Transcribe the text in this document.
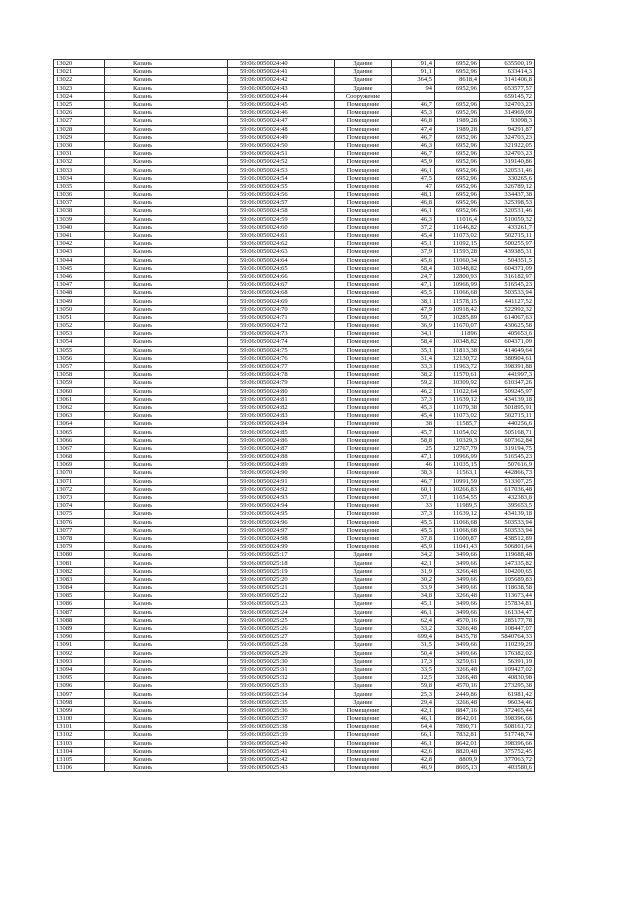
13020	Казань	59:06:0050024:40	Здание	91,4	6952,96	635500,19
13021	Казань	59:06:0050024:41	Здание	91,1	6952,96	633414,3
13022	Казань	59:06:0050024:42	Здание	364,5	8618,4	3141406,8
13023	Казань	59:06:0050024:43	Здание	94	6952,96	653577,57
13024	Казань	59:06:0050024:44	Сооружение			659145,72
13025	Казань	59:06:0050024:45	Помещение	46,7	6952,96	324703,23
13026	Казань	59:06:0050024:46	Помещение	45,3	6952,96	314969,09
13027	Казань	59:06:0050024:47	Помещение	46,8	1989,28	93098,3
13028	Казань	59:06:0050024:48	Помещение	47,4	1989,28	94291,87
13029	Казань	59:06:0050024:49	Помещение	46,7	6952,96	324703,23
13030	Казань	59:06:0050024:50	Помещение	46,3	6952,96	321922,05
13031	Казань	59:06:0050024:51	Помещение	46,7	6952,96	324703,23
13032	Казань	59:06:0050024:52	Помещение	45,9	6952,96	319140,86
13033	Казань	59:06:0050024:53	Помещение	46,1	6952,96	320531,46
13034	Казань	59:06:0050024:54	Помещение	47,5	6952,96	330265,6
13035	Казань	59:06:0050024:55	Помещение	47	6952,96	326789,12
13036	Казань	59:06:0050024:56	Помещение	48,1	6952,96	334437,38
13037	Казань	59:06:0050024:57	Помещение	46,8	6952,96	325398,53
13038	Казань	59:06:0050024:58	Помещение	46,1	6952,96	320531,46
13039	Казань	59:06:0050024:59	Помещение	46,3	11016,4	510059,32
13040	Казань	59:06:0050024:60	Помещение	37,2	11646,82	433261,7
13041	Казань	59:06:0050024:61	Помещение	45,4	11073,02	502715,11
13042	Казань	59:06:0050024:62	Помещение	45,1	11092,15	500255,97
13043	Казань	59:06:0050024:63	Помещение	37,9	11593,28	439385,31
13044	Казань	59:06:0050024:64	Помещение	45,6	11060,34	504351,5
13045	Казань	59:06:0050024:65	Помещение	58,4	10348,82	604371,09
13046	Казань	59:06:0050024:66	Помещение	24,7	12800,93	316182,97
13047	Казань	59:06:0050024:67	Помещение	47,1	10966,99	516545,23
13048	Казань	59:06:0050024:68	Помещение	45,5	11066,68	503533,94
13049	Казань	59:06:0050024:69	Помещение	38,1	11578,15	441127,52
13050	Казань	59:06:0050024:70	Помещение	47,9	10918,42	522992,32
13051	Казань	59:06:0050024:71	Помещение	59,7	10285,89	614067,63
13052	Казань	59:06:0050024:72	Помещение	36,9	11670,07	430625,58
13053	Казань	59:06:0050024:73	Помещение	34,1	11896	405653,6
13054	Казань	59:06:0050024:74	Помещение	58,4	10348,82	604371,09
13055	Казань	59:06:0050024:75	Помещение	35,1	11813,38	414649,64
13056	Казань	59:06:0050024:76	Помещение	31,4	12130,72	380904,61
13057	Казань	59:06:0050024:77	Помещение	33,3	11963,72	398391,88
13058	Казань	59:06:0050024:78	Помещение	38,2	11570,61	441997,3
13059	Казань	59:06:0050024:79	Помещение	59,2	10309,92	610347,26
13060	Казань	59:06:0050024:80	Помещение	46,2	11022,64	509245,97
13061	Казань	59:06:0050024:81	Помещение	37,3	11639,12	434139,18
13062	Казань	59:06:0050024:82	Помещение	45,3	11079,38	501895,91
13063	Казань	59:06:0050024:83	Помещение	45,4	11073,02	502715,11
13064	Казань	59:06:0050024:84	Помещение	38	11585,7	440256,6
13065	Казань	59:06:0050024:85	Помещение	45,7	11054,02	505168,71
13066	Казань	59:06:0050024:86	Помещение	58,8	10329,3	607362,84
13067	Казань	59:06:0050024:87	Помещение	25	12767,79	319194,75
13068	Казань	59:06:0050024:88	Помещение	47,1	10966,99	516545,23
13069	Казань	59:06:0050024:89	Помещение	46	11035,15	507616,9
13070	Казань	59:06:0050024:90	Помещение	38,3	11563,1	442866,73
13071	Казань	59:06:0050024:91	Помещение	46,7	10991,59	513307,25
13072	Казань	59:06:0050024:92	Помещение	60,1	10266,83	617036,48
13073	Казань	59:06:0050024:93	Помещение	37,1	11654,55	432383,8
13074	Казань	59:06:0050024:94	Помещение	33	11989,5	395653,5
13075	Казань	59:06:0050024:95	Помещение	37,3	11639,12	434139,18
13076	Казань	59:06:0050024:96	Помещение	45,5	11066,68	503533,94
13077	Казань	59:06:0050024:97	Помещение	45,5	11066,68	503533,94
13078	Казань	59:06:0050024:98	Помещение	37,8	11600,87	438512,89
13079	Казань	59:06:0050024:99	Помещение	45,9	11041,43	506801,64
13080	Казань	59:06:0050025:17	Здание	34,2	3499,66	119688,48
13081	Казань	59:06:0050025:18	Здание	42,1	3499,66	147335,82
13082	Казань	59:06:0050025:19	Здание	31,9	3266,48	104200,65
13083	Казань	59:06:0050025:20	Здание	30,2	3499,66	105689,83
13084	Казань	59:06:0050025:21	Здание	33,9	3499,66	118638,58
13085	Казань	59:06:0050025:22	Здание	34,8	3266,48	113673,44
13086	Казань	59:06:0050025:23	Здание	45,1	3499,66	157834,81
13087	Казань	59:06:0050025:24	Здание	46,1	3499,66	161334,47
13088	Казань	59:06:0050025:25	Здание	62,4	4570,16	285177,78
13089	Казань	59:06:0050025:26	Здание	33,2	3266,48	108447,07
13090	Казань	59:06:0050025:27	Здание	699,4	8435,78	5840764,33
13091	Казань	59:06:0050025:28	Здание	31,5	3499,66	110239,29
13092	Казань	59:06:0050025:29	Здание	50,4	3499,66	176382,02
13093	Казань	59:06:0050025:30	Здание	17,3	3259,61	56391,19
13094	Казань	59:06:0050025:31	Здание	33,5	3266,48	109427,02
13095	Казань	59:06:0050025:32	Здание	12,5	3266,48	40830,98
13096	Казань	59:06:0050025:33	Здание	59,8	4570,16	273295,38
13097	Казань	59:06:0050025:34	Здание	25,3	2449,86	61981,42
13098	Казань	59:06:0050025:35	Здание	29,4	3266,48	96034,46
13099	Казань	59:06:0050025:36	Помещение	42,1	8847,16	372465,44
13100	Казань	59:06:0050025:37	Помещение	46,1	8642,01	398396,66
13101	Казань	59:06:0050025:38	Помещение	64,4	7890,71	508161,72
13102	Казань	59:06:0050025:39	Помещение	66,1	7832,81	517748,74
13103	Казань	59:06:0050025:40	Помещение	46,1	8642,01	398396,66
13104	Казань	59:06:0050025:41	Помещение	42,6	8820,48	375752,45
13105	Казань	59:06:0050025:42	Помещение	42,8	8809,9	377063,72
13106	Казань	59:06:0050025:43	Помещение	46,9	8605,13	403580,6
